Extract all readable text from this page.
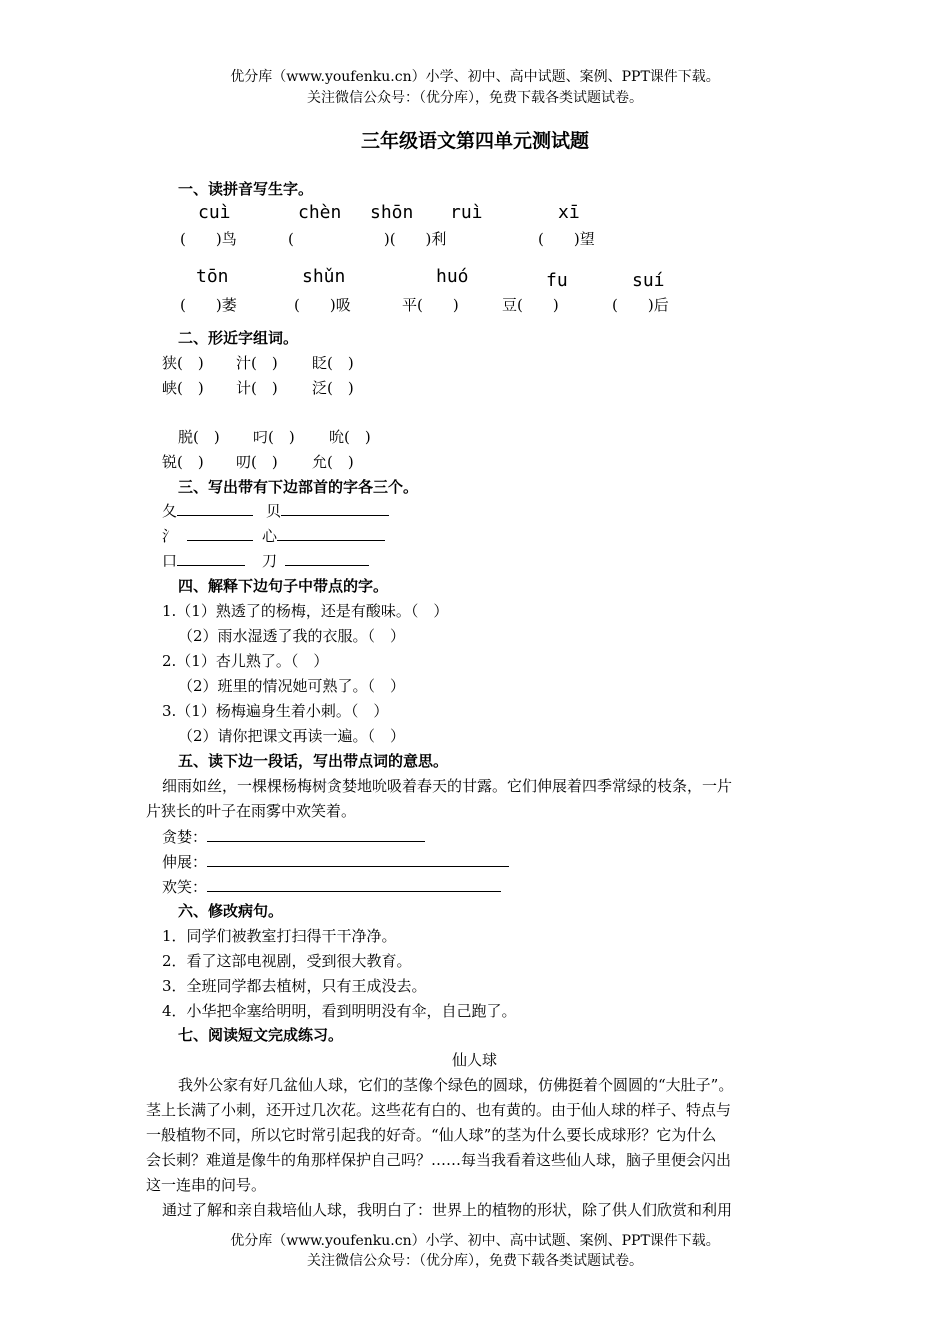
优分库（www.youfenku.cn）小学、初中、高中试题、案例、PPT课件下载。
关注微信公众号：（优分库），免费下载各类试题试卷。
三年级语文第四单元测试题
一、读拼音写生字。
cuì	chèn shōn ruì	xī
(　　)鸟	(　　　　　　)(　　)利	(　　)望
tōn	shǔn	huó	fu	suí
(　　)萎	(　　)吸	平(　　)	豆(　　)	(　　)后
二、形近字组词。
狭(　) 汁(　) 眨(　)
峡(　) 计(　) 泛(　)
脱(　) 叼(　) 吮(　)
锐(　) 叨(　) 允(　)
三、写出带有下边部首的字各三个。
夂	贝
氵	心
口	刀
四、解释下边句子中带点的字。
1.（1）熟透了的杨梅，还是有酸味。（　）
（2）雨水湿透了我的衣服。（　）
2.（1）杏儿熟了。（　）
（2）班里的情况她可熟了。（　）
3.（1）杨梅遍身生着小刺。（　）
（2）请你把课文再读一遍。（　）
五、读下边一段话，写出带点词的意思。
细雨如丝，一棵棵杨梅树贪婪地吮吸着春天的甘露。它们伸展着四季常绿的枝条，一片
片狭长的叶子在雨雾中欢笑着。
贪婪：
伸展：
欢笑：
六、修改病句。
1．同学们被教室打扫得干干净净。
2．看了这部电视剧，受到很大教育。
3．全班同学都去植树，只有王成没去。
4．小华把伞塞给明明，看到明明没有伞，自己跑了。
七、阅读短文完成练习。
仙人球
我外公家有好几盆仙人球，它们的茎像个绿色的圆球，仿佛挺着个圆圆的“大肚子”。
茎上长满了小刺，还开过几次花。这些花有白的、也有黄的。由于仙人球的样子、特点与
一般植物不同，所以它时常引起我的好奇。“仙人球”的茎为什么要长成球形？它为什么
会长刺？难道是像牛的角那样保护自己吗？……每当我看着这些仙人球，脑子里便会闪出
这一连串的问号。
通过了解和亲自栽培仙人球，我明白了：世界上的植物的形状，除了供人们欣赏和利用
优分库（www.youfenku.cn）小学、初中、高中试题、案例、PPT课件下载。
关注微信公众号：（优分库），免费下载各类试题试卷。
